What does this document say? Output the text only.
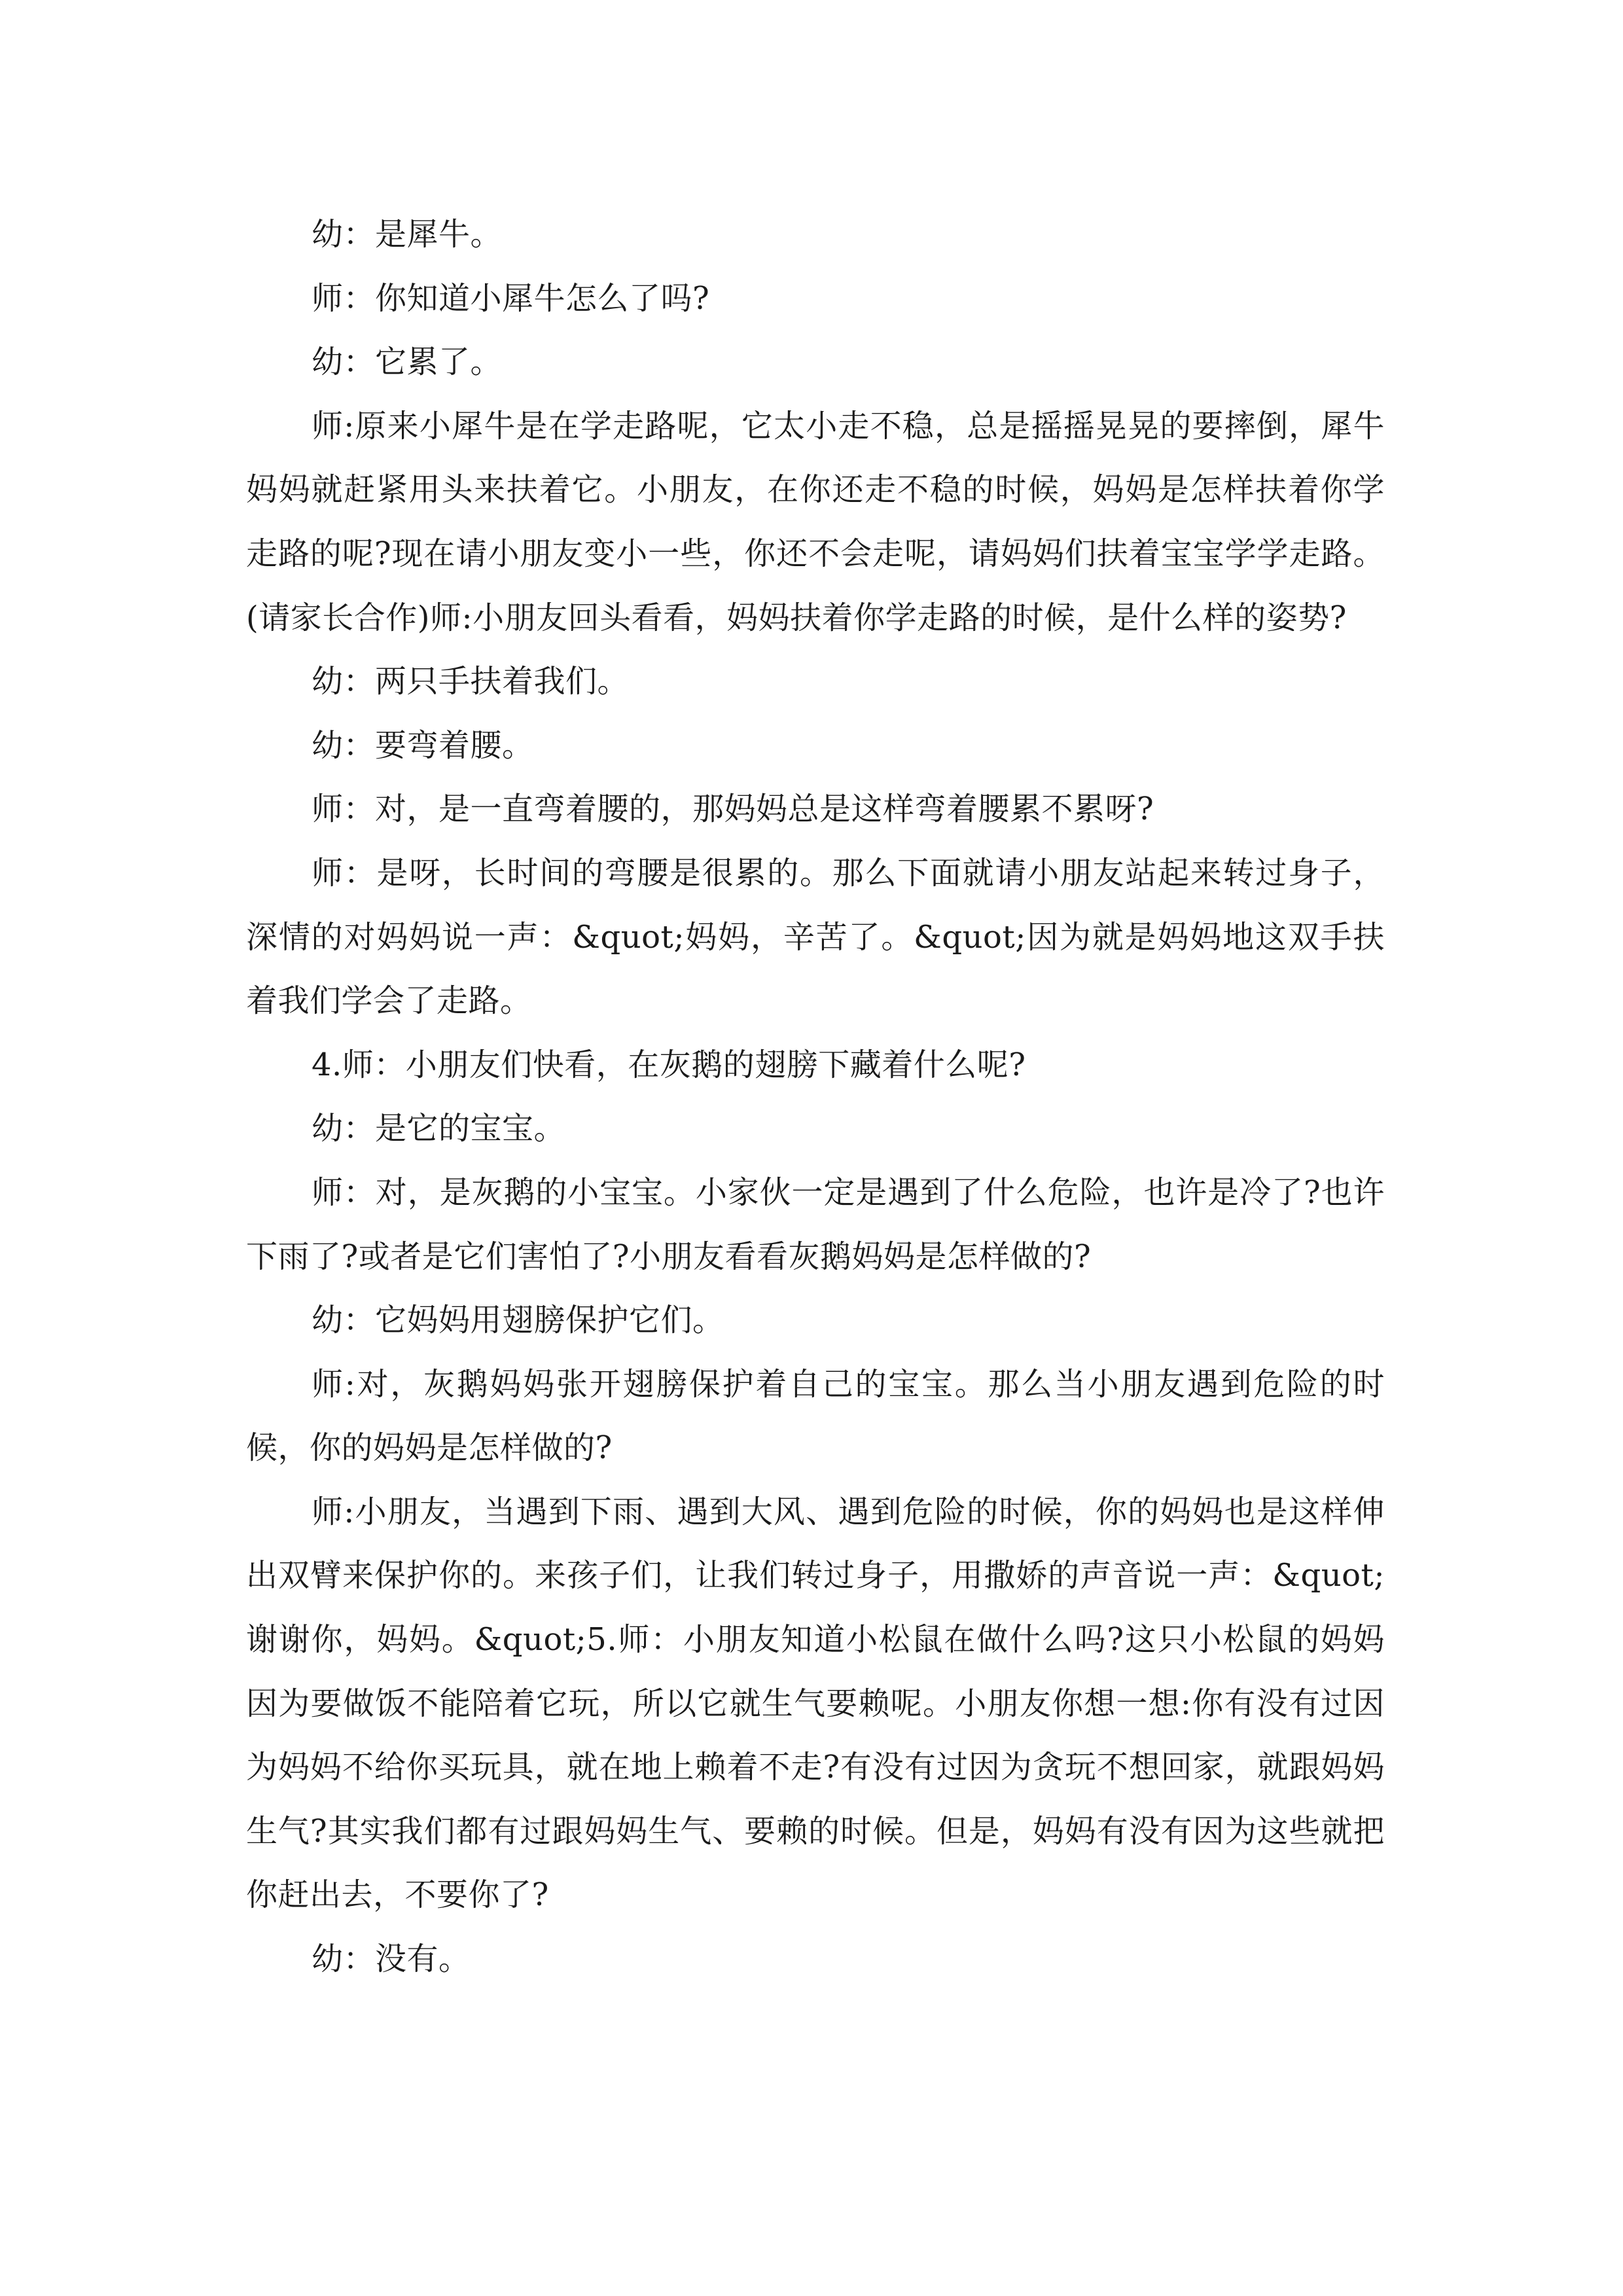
幼：是犀牛。

师：你知道小犀牛怎么了吗?

幼：它累了。

师:原来小犀牛是在学走路呢，它太小走不稳，总是摇摇晃晃的要摔倒，犀牛妈妈就赶紧用头来扶着它。小朋友，在你还走不稳的时候，妈妈是怎样扶着你学走路的呢?现在请小朋友变小一些，你还不会走呢，请妈妈们扶着宝宝学学走路。(请家长合作)师:小朋友回头看看，妈妈扶着你学走路的时候，是什么样的姿势?

幼：两只手扶着我们。

幼：要弯着腰。

师：对，是一直弯着腰的，那妈妈总是这样弯着腰累不累呀?

师：是呀，长时间的弯腰是很累的。那么下面就请小朋友站起来转过身子，深情的对妈妈说一声：&quot;妈妈，辛苦了。&quot;因为就是妈妈地这双手扶着我们学会了走路。

4.师：小朋友们快看，在灰鹅的翅膀下藏着什么呢?

幼：是它的宝宝。

师：对，是灰鹅的小宝宝。小家伙一定是遇到了什么危险，也许是冷了?也许下雨了?或者是它们害怕了?小朋友看看灰鹅妈妈是怎样做的?

幼：它妈妈用翅膀保护它们。

师:对，灰鹅妈妈张开翅膀保护着自己的宝宝。那么当小朋友遇到危险的时候，你的妈妈是怎样做的?

师:小朋友，当遇到下雨、遇到大风、遇到危险的时候，你的妈妈也是这样伸出双臂来保护你的。来孩子们，让我们转过身子，用撒娇的声音说一声：&quot;谢谢你，妈妈。&quot;5.师：小朋友知道小松鼠在做什么吗?这只小松鼠的妈妈因为要做饭不能陪着它玩，所以它就生气要赖呢。小朋友你想一想:你有没有过因为妈妈不给你买玩具，就在地上赖着不走?有没有过因为贪玩不想回家，就跟妈妈生气?其实我们都有过跟妈妈生气、要赖的时候。但是，妈妈有没有因为这些就把你赶出去，不要你了?

幼：没有。
